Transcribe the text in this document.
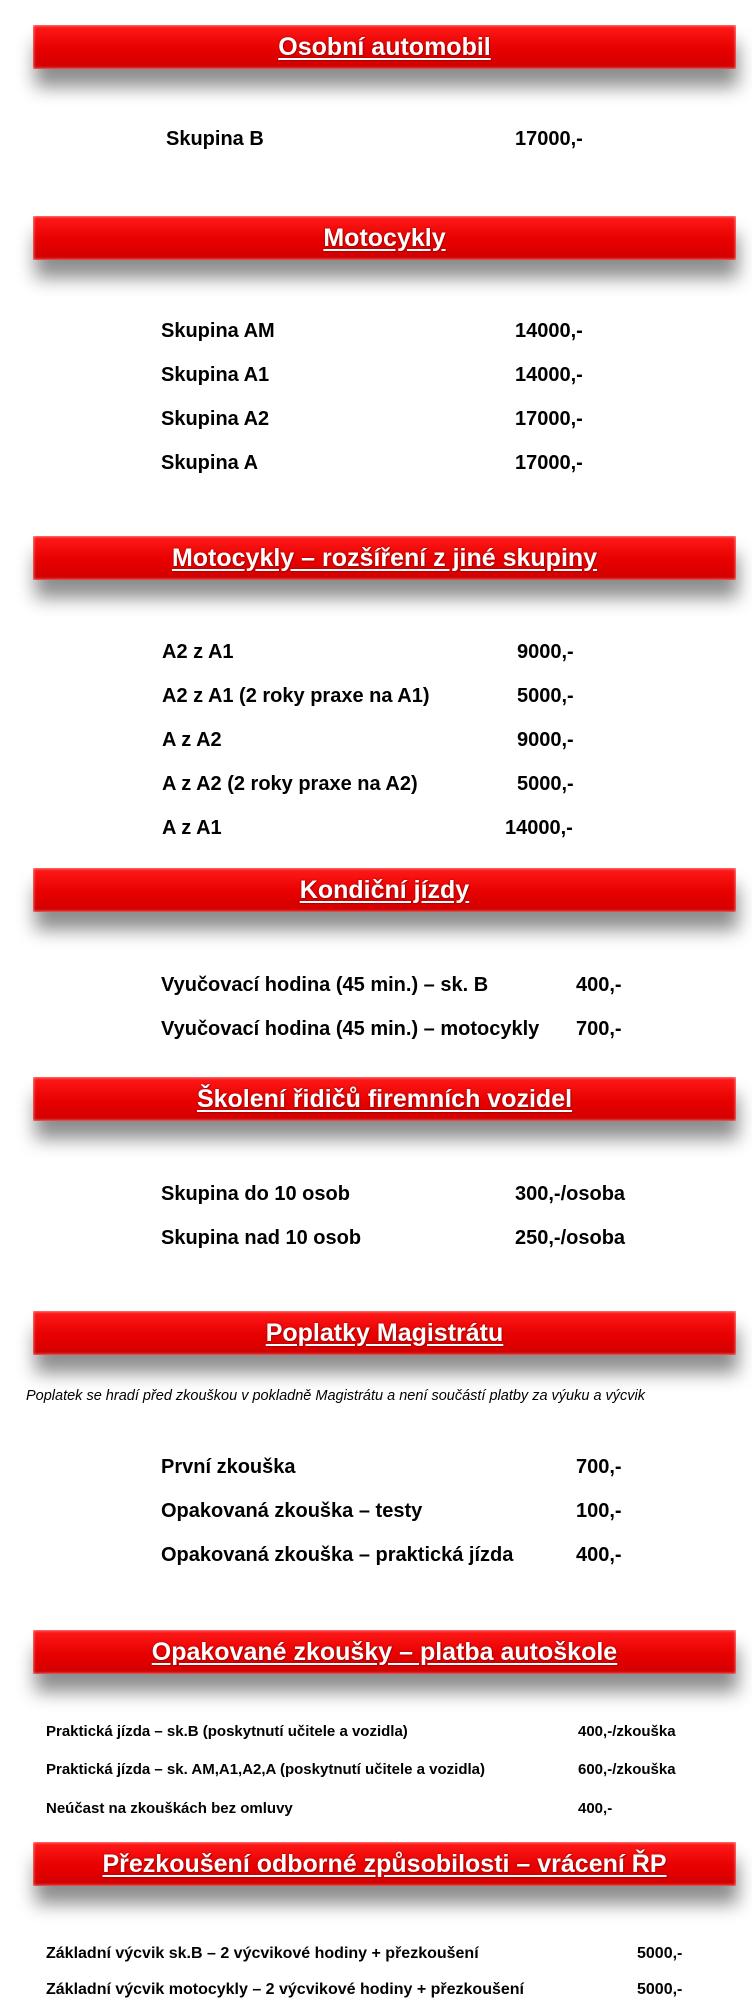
Osobní automobil
Skupina B	17000,-
Motocykly
Skupina AM	14000,-
Skupina A1	14000,-
Skupina A2	17000,-
Skupina A	17000,-
Motocykly – rozšíření z jiné skupiny
A2 z A1	9000,-
A2 z A1 (2 roky praxe na A1)	5000,-
A z A2	9000,-
A z A2 (2 roky praxe na A2)	5000,-
A z A1	14000,-
Kondiční jízdy
Vyučovací hodina (45 min.) – sk. B	400,-
Vyučovací hodina (45 min.) – motocykly 700,-
Školení řidičů firemních vozidel
Skupina do 10 osob	300,-/osoba
Skupina nad 10 osob	250,-/osoba
Poplatky Magistrátu
Poplatek se hradí před zkouškou v pokladně Magistrátu a není součástí platby za výuku a výcvik
První zkouška	700,-
Opakovaná zkouška – testy	100,-
Opakovaná zkouška – praktická jízda	400,-
Opakované zkoušky – platba autoškole
Praktická jízda – sk.B (poskytnutí učitele a vozidla)	400,-/zkouška
Praktická jízda – sk. AM,A1,A2,A (poskytnutí učitele a vozidla)	600,-/zkouška
Neúčast na zkouškách bez omluvy	400,-
Přezkoušení odborné způsobilosti – vrácení ŘP
Základní výcvik sk.B – 2 výcvikové hodiny + přezkoušení	5000,-
Základní výcvik motocykly – 2 výcvikové hodiny + přezkoušení	5000,-
